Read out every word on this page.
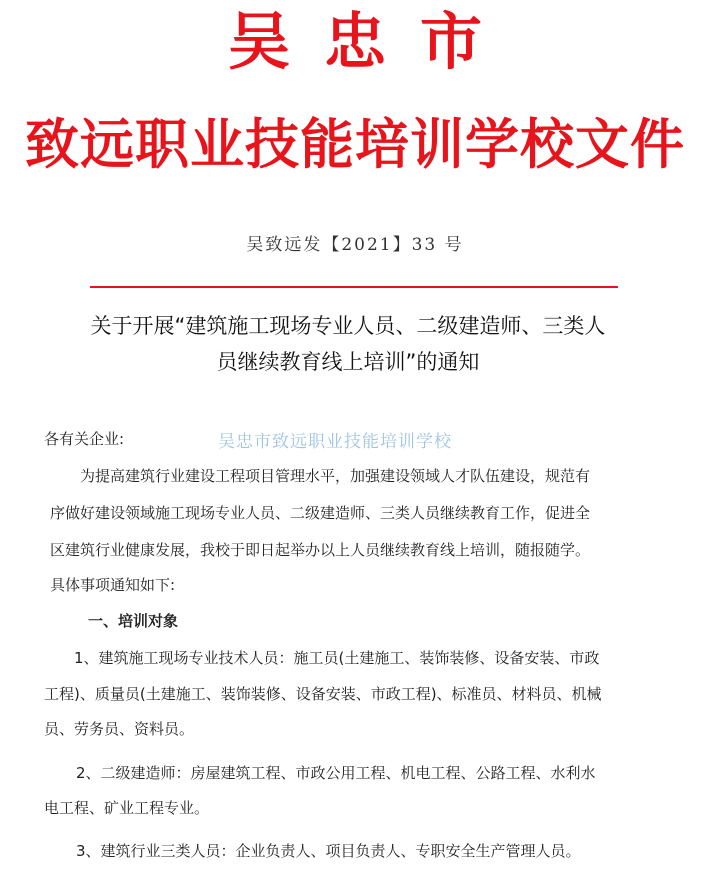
吴忠市
致远职业技能培训学校文件
吴致远发【2021】33 号
关于开展“建筑施工现场专业人员、二级建造师、三类人
员继续教育线上培训”的通知
各有关企业:	吴忠市致远职业技能培训学校
为提高建筑行业建设工程项目管理水平，加强建设领域人才队伍建设，规范有
序做好建设领域施工现场专业人员、二级建造师、三类人员继续教育工作，促进全
区建筑行业健康发展，我校于即日起举办以上人员继续教育线上培训，随报随学。
具体事项通知如下:
一、培训对象
1、建筑施工现场专业技术人员：施工员(土建施工、装饰装修、设备安装、市政
工程)、质量员(土建施工、装饰装修、设备安装、市政工程)、标准员、材料员、机械
员、劳务员、资料员。
2、二级建造师：房屋建筑工程、市政公用工程、机电工程、公路工程、水利水
电工程、矿业工程专业。
3、建筑行业三类人员：企业负责人、项目负责人、专职安全生产管理人员。
